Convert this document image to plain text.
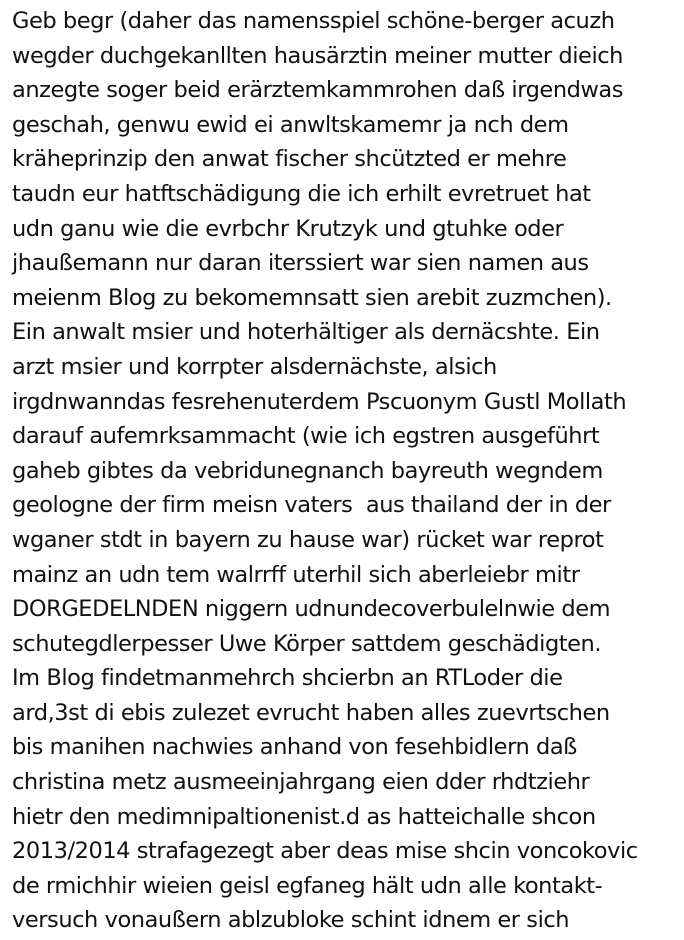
Geb begr (daher das namensspiel schöne-berger acuzh
wegder duchgekanllten hausärztin meiner mutter dieich
anzegte soger beid erärztemkammrohen daß irgendwas
geschah, genwu ewid ei anwltskamemr ja nch dem
kräheprinzip den anwat fischer shcützted er mehre
taudn eur hatftschädigung die ich erhilt evretruet hat
udn ganu wie die evrbchr Krutzyk und gtuhke oder
jhaußemann nur daran iterssiert war sien namen aus
meienm Blog zu bekomemnsatt sien arebit zuzmchen).
Ein anwalt msier und hoterhältiger als dernäcshte. Ein
arzt msier und korrpter alsdernächste, alsich
irgdnwanndas fesrehenuterdem Pscuonym Gustl Mollath
darauf aufemrksammacht (wie ich egstren ausgeführt
gaheb gibtes da vebridunegnanch bayreuth wegndem
geologne der firm meisn vaters  aus thailand der in der
wganer stdt in bayern zu hause war) rücket war reprot
mainz an udn tem walrrff uterhil sich aberleiebr mitr
DORGEDELNDEN niggern udnundecoverbulelnwie dem
schutegdlerpesser Uwe Körper sattdem geschädigten.
Im Blog findetmanmehrch shcierbn an RTLoder die
ard,3st di ebis zulezet evrucht haben alles zuevrtschen
bis manihen nachwies anhand von fesehbidlern daß
christina metz ausmeeinjahrgang eien dder rhdtziehr
hietr den medimnipaltionenist.d as hatteichalle shcon
2013/2014 strafagezegt aber deas mise shcin voncokovic
de rmichhir wieien geisl egfaneg hält udn alle kontakt-
versuch vonaußern ablzubloke schint idnem er sich
